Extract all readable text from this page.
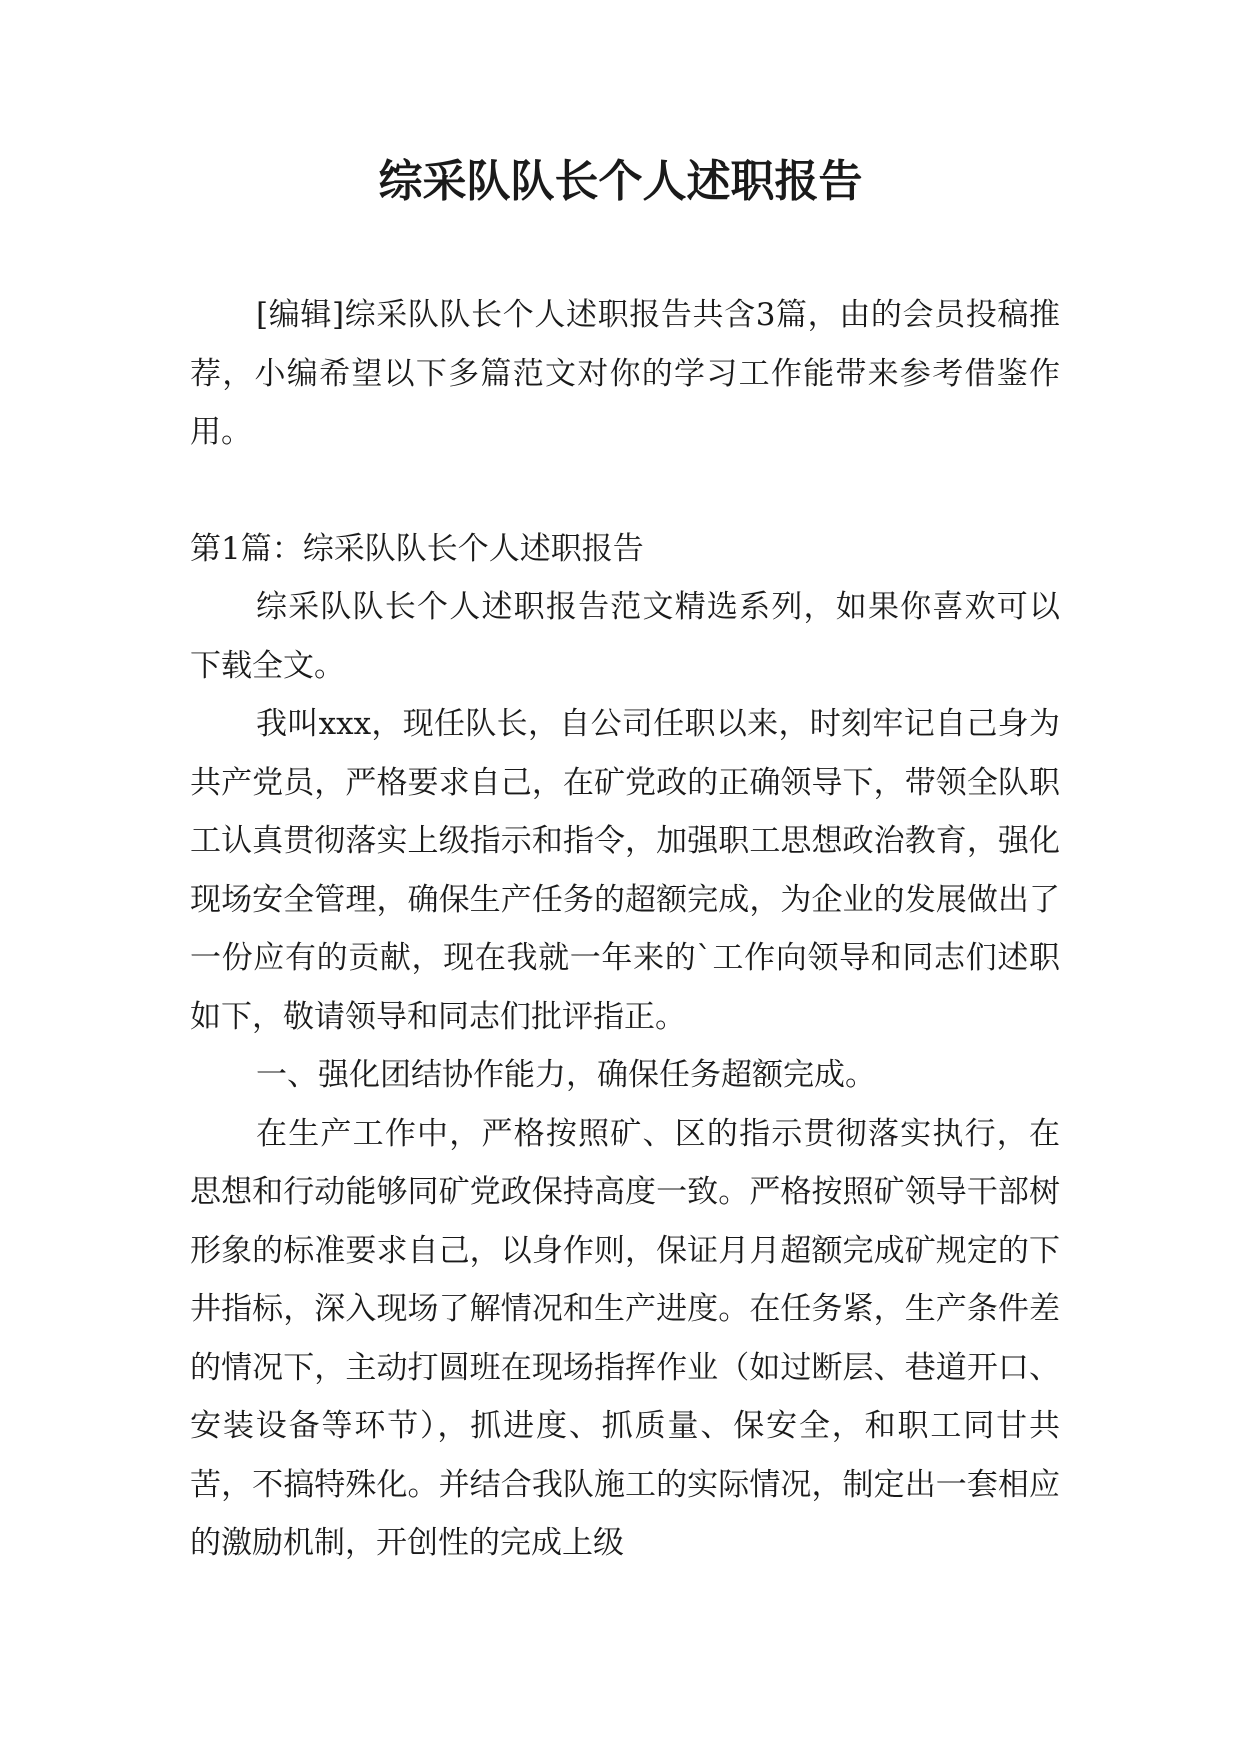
综采队队长个人述职报告

[编辑]综采队队长个人述职报告共含3篇，由的会员投稿推荐，小编希望以下多篇范文对你的学习工作能带来参考借鉴作用。

第1篇：综采队队长个人述职报告

综采队队长个人述职报告范文精选系列，如果你喜欢可以下载全文。

我叫xxx，现任队长，自公司任职以来，时刻牢记自己身为共产党员，严格要求自己，在矿党政的正确领导下，带领全队职工认真贯彻落实上级指示和指令，加强职工思想政治教育，强化现场安全管理，确保生产任务的超额完成，为企业的发展做出了一份应有的贡献，现在我就一年来的`工作向领导和同志们述职如下，敬请领导和同志们批评指正。

一、强化团结协作能力，确保任务超额完成。

在生产工作中，严格按照矿、区的指示贯彻落实执行，在思想和行动能够同矿党政保持高度一致。严格按照矿领导干部树形象的标准要求自己，以身作则，保证月月超额完成矿规定的下井指标，深入现场了解情况和生产进度。在任务紧，生产条件差的情况下，主动打圆班在现场指挥作业（如过断层、巷道开口、安装设备等环节），抓进度、抓质量、保安全，和职工同甘共苦，不搞特殊化。并结合我队施工的实际情况，制定出一套相应的激励机制，开创性的完成上级
